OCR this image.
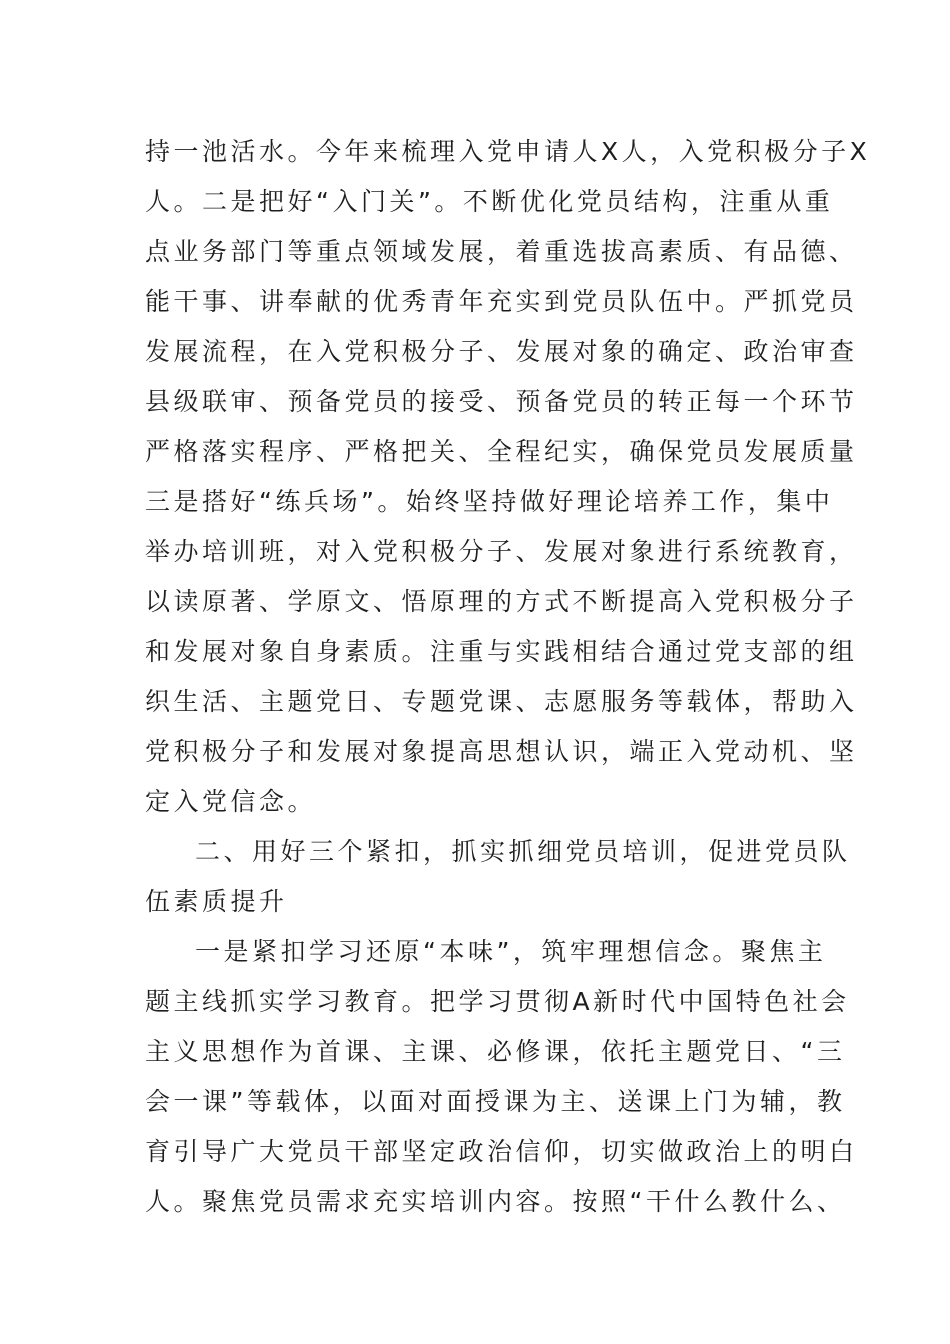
持一池活水。今年来梳理入党申请人X人，入党积极分子X
人。二是把好“入门关”。不断优化党员结构，注重从重
点业务部门等重点领域发展，着重选拔高素质、有品德、
能干事、讲奉献的优秀青年充实到党员队伍中。严抓党员
发展流程，在入党积极分子、发展对象的确定、政治审查
县级联审、预备党员的接受、预备党员的转正每一个环节
严格落实程序、严格把关、全程纪实，确保党员发展质量
三是搭好“练兵场”。始终坚持做好理论培养工作，集中
举办培训班，对入党积极分子、发展对象进行系统教育，
以读原著、学原文、悟原理的方式不断提高入党积极分子
和发展对象自身素质。注重与实践相结合通过党支部的组
织生活、主题党日、专题党课、志愿服务等载体，帮助入
党积极分子和发展对象提高思想认识，端正入党动机、坚
定入党信念。
二、用好三个紧扣，抓实抓细党员培训，促进党员队
伍素质提升
一是紧扣学习还原“本味”，筑牢理想信念。聚焦主
题主线抓实学习教育。把学习贯彻A新时代中国特色社会
主义思想作为首课、主课、必修课，依托主题党日、“三
会一课”等载体，以面对面授课为主、送课上门为辅，教
育引导广大党员干部坚定政治信仰，切实做政治上的明白
人。聚焦党员需求充实培训内容。按照“干什么教什么、
